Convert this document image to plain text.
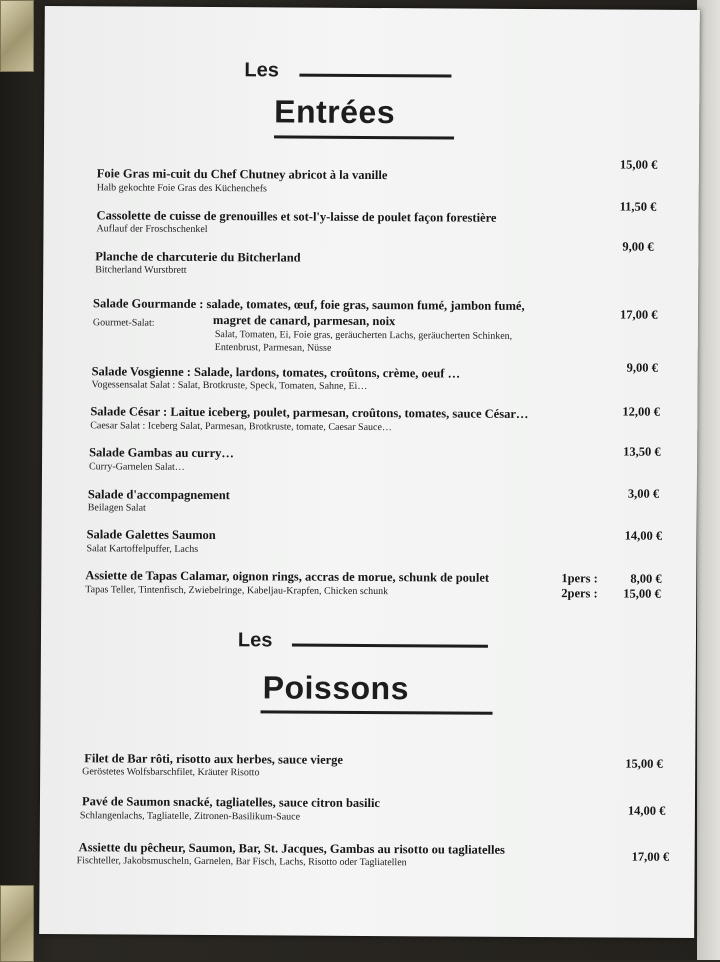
Les
Entrées
Foie Gras mi-cuit du Chef Chutney abricot à la vanille
Halb gekochte Foie Gras des Küchenchefs
15,00 €
Cassolette de cuisse de grenouilles et sot-l'y-laisse de poulet façon forestière
Auflauf der Froschschenkel
11,50 €
Planche de charcuterie du Bitcherland
Bitcherland Wurstbrett
9,00 €
Salade Gourmande : salade, tomates, œuf, foie gras, saumon fumé, jambon fumé,
Gourmet-Salat:	magret de canard, parmesan, noix
Salat, Tomaten, Ei, Foie gras, geräucherten Lachs, geräucherten Schinken,
Entenbrust, Parmesan, Nüsse
17,00 €
Salade Vosgienne : Salade, lardons, tomates, croûtons, crème, oeuf …
Vogessensalat Salat : Salat, Brotkruste, Speck, Tomaten, Sahne, Ei…
9,00 €
Salade César : Laitue iceberg, poulet, parmesan, croûtons, tomates, sauce César…
Caesar Salat : Iceberg Salat, Parmesan, Brotkruste, tomate, Caesar Sauce…
12,00 €
Salade Gambas au curry…
Curry-Garnelen Salat…
13,50 €
Salade d'accompagnement
Beilagen Salat
3,00 €
Salade Galettes Saumon
Salat Kartoffelpuffer, Lachs
14,00 €
Assiette de Tapas Calamar, oignon rings, accras de morue, schunk de poulet
Tapas Teller, Tintenfisch, Zwiebelringe, Kabeljau-Krapfen, Chicken schunk
1pers :	8,00 €
2pers : 15,00 €
Les
Poissons
Filet de Bar rôti, risotto aux herbes, sauce vierge
Geröstetes Wolfsbarschfilet, Kräuter Risotto
15,00 €
Pavé de Saumon snacké, tagliatelles, sauce citron basilic
Schlangenlachs, Tagliatelle, Zitronen-Basilikum-Sauce	14,00 €
Assiette du pêcheur, Saumon, Bar, St. Jacques, Gambas au risotto ou tagliatelles
Fischteller, Jakobsmuscheln, Garnelen, Bar Fisch, Lachs, Risotto oder Tagliatellen	17,00 €
